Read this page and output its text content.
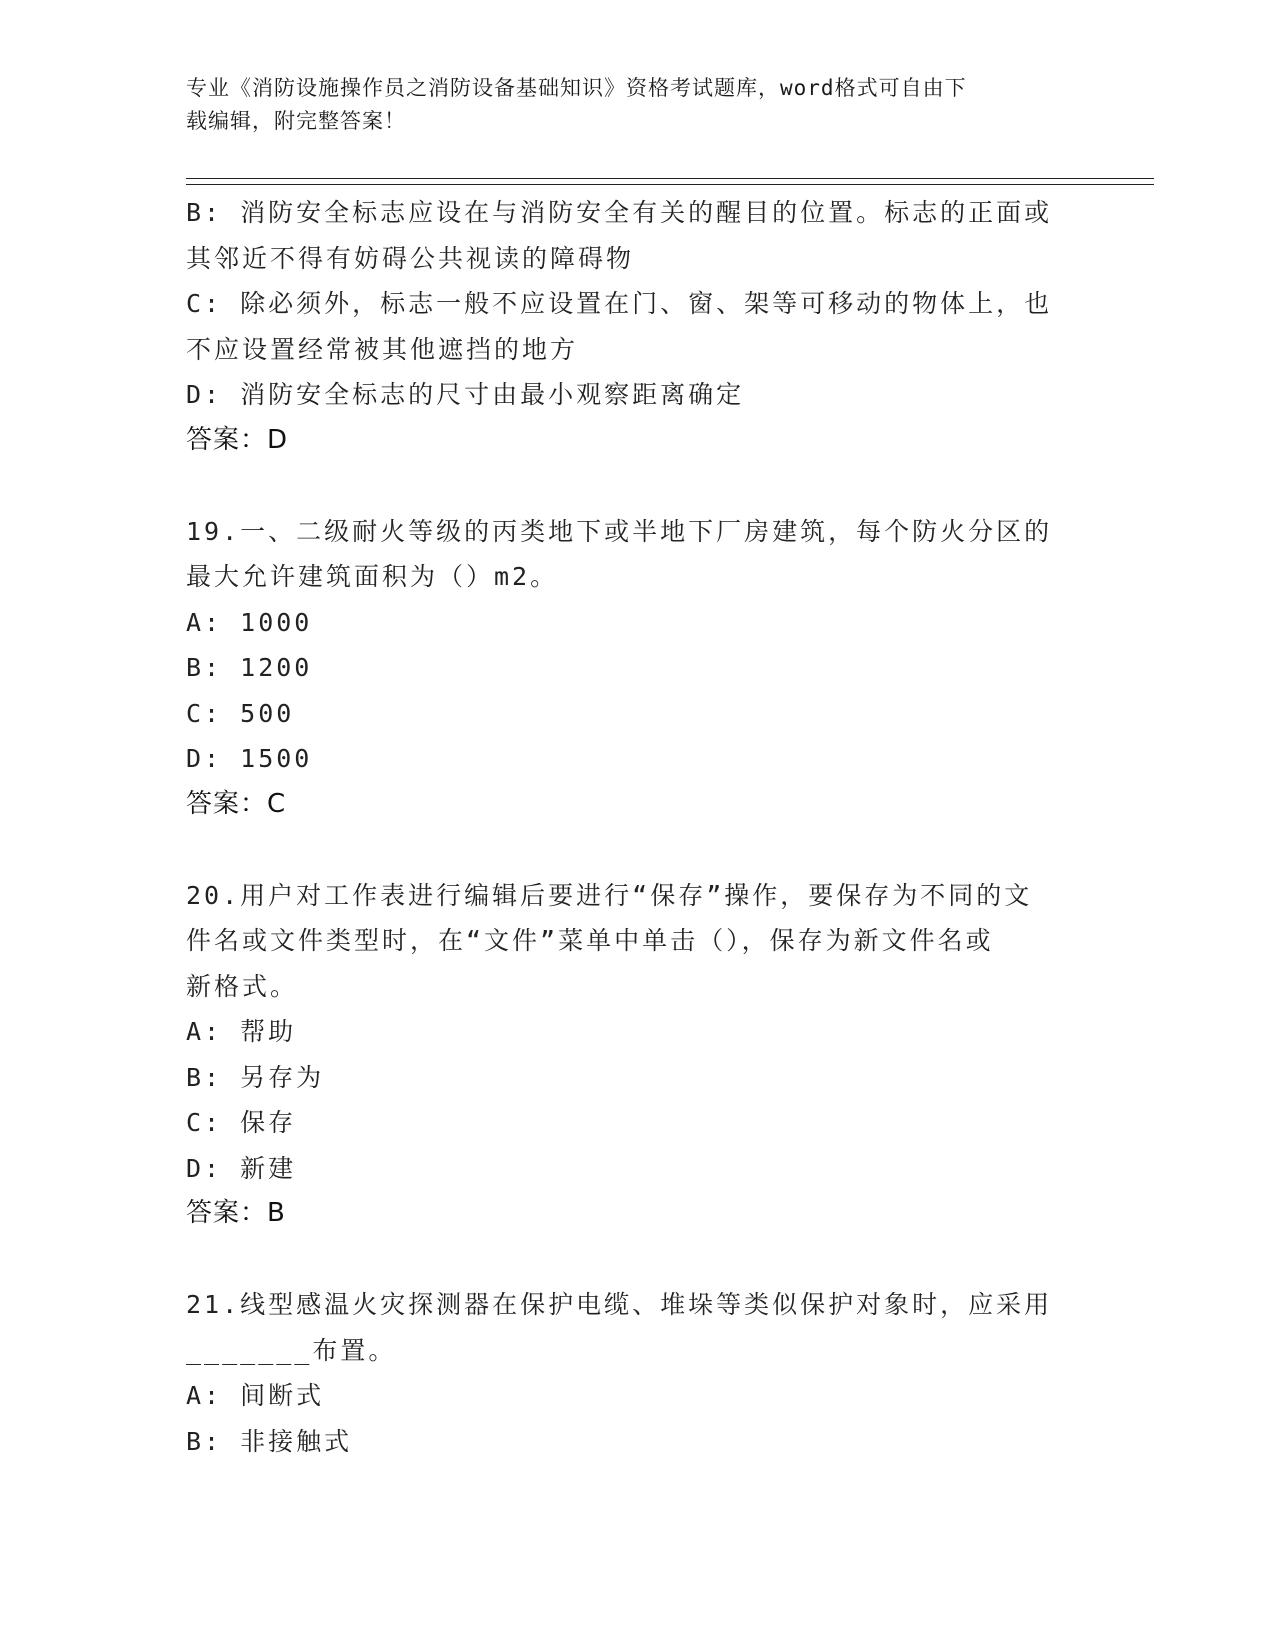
专业《消防设施操作员之消防设备基础知识》资格考试题库，word格式可自由下
载编辑，附完整答案！
B: 消防安全标志应设在与消防安全有关的醒目的位置。标志的正面或
其邻近不得有妨碍公共视读的障碍物
C: 除必须外，标志一般不应设置在门、窗、架等可移动的物体上，也
不应设置经常被其他遮挡的地方
D: 消防安全标志的尺寸由最小观察距离确定
答案：D
19.一、二级耐火等级的丙类地下或半地下厂房建筑，每个防火分区的
最大允许建筑面积为（）m2。
A: 1000
B: 1200
C: 500
D: 1500
答案：C
20.用户对工作表进行编辑后要进行“保存”操作，要保存为不同的文
件名或文件类型时，在“文件”菜单中单击（），保存为新文件名或
新格式。
A: 帮助
B: 另存为
C: 保存
D: 新建
答案：B
21.线型感温火灾探测器在保护电缆、堆垛等类似保护对象时，应采用
_______布置。
A: 间断式
B: 非接触式
